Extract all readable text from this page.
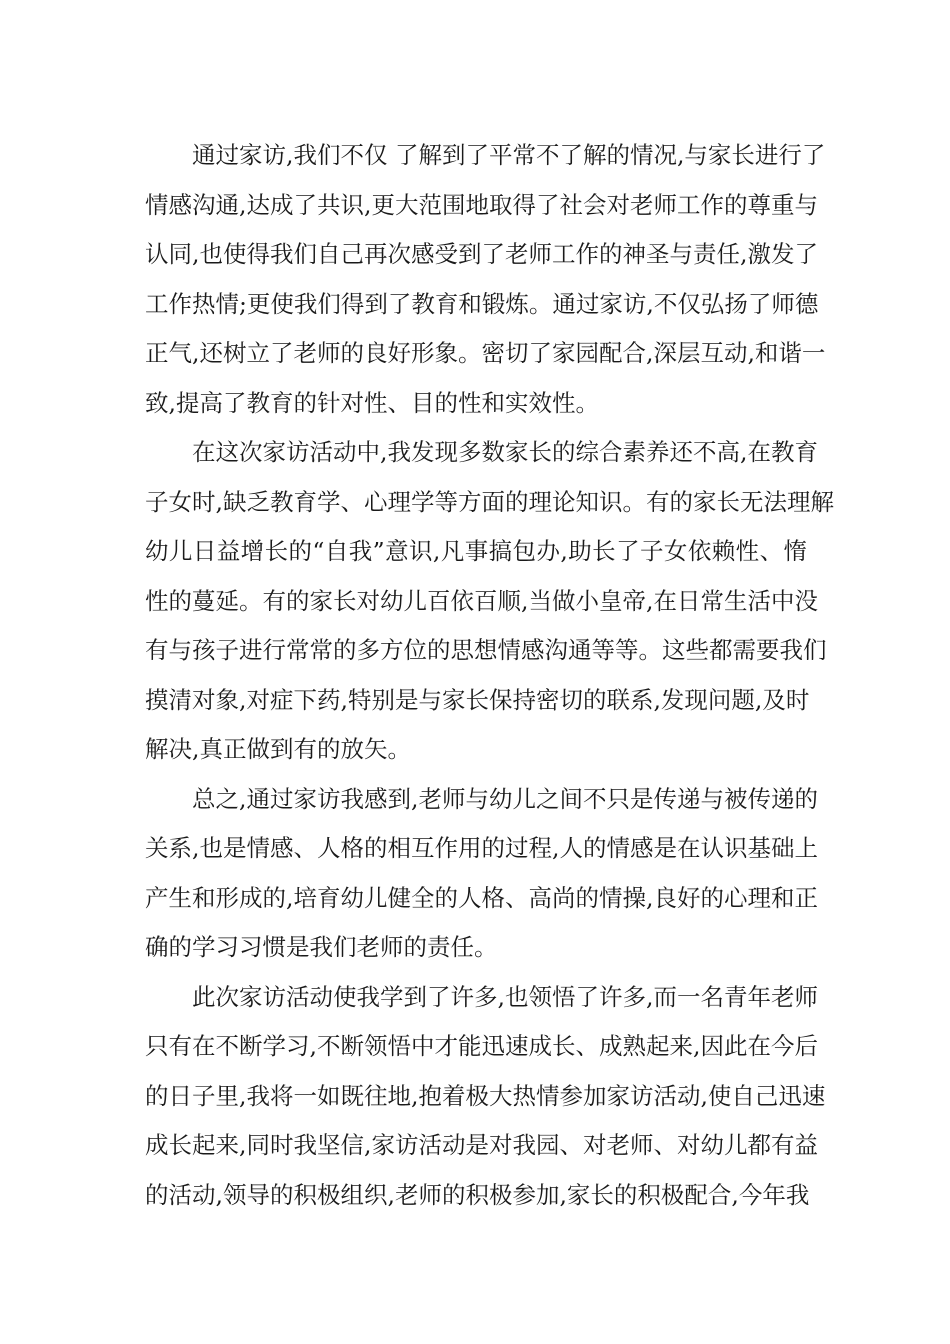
通过家访,我们不仅 了解到了平常不了解的情况,与家长进行了
情感沟通,达成了共识,更大范围地取得了社会对老师工作的尊重与
认同,也使得我们自己再次感受到了老师工作的神圣与责任,激发了
工作热情;更使我们得到了教育和锻炼。通过家访,不仅弘扬了师德
正气,还树立了老师的良好形象。密切了家园配合,深层互动,和谐一
致,提高了教育的针对性、目的性和实效性。
在这次家访活动中,我发现多数家长的综合素养还不高,在教育
子女时,缺乏教育学、心理学等方面的理论知识。有的家长无法理解
幼儿日益增长的“自我”意识,凡事搞包办,助长了子女依赖性、惰
性的蔓延。有的家长对幼儿百依百顺,当做小皇帝,在日常生活中没
有与孩子进行常常的多方位的思想情感沟通等等。这些都需要我们
摸清对象,对症下药,特别是与家长保持密切的联系,发现问题,及时
解决,真正做到有的放矢。
总之,通过家访我感到,老师与幼儿之间不只是传递与被传递的
关系,也是情感、人格的相互作用的过程,人的情感是在认识基础上
产生和形成的,培育幼儿健全的人格、高尚的情操,良好的心理和正
确的学习习惯是我们老师的责任。
此次家访活动使我学到了许多,也领悟了许多,而一名青年老师
只有在不断学习,不断领悟中才能迅速成长、成熟起来,因此在今后
的日子里,我将一如既往地,抱着极大热情参加家访活动,使自己迅速
成长起来,同时我坚信,家访活动是对我园、对老师、对幼儿都有益
的活动,领导的积极组织,老师的积极参加,家长的积极配合,今年我
